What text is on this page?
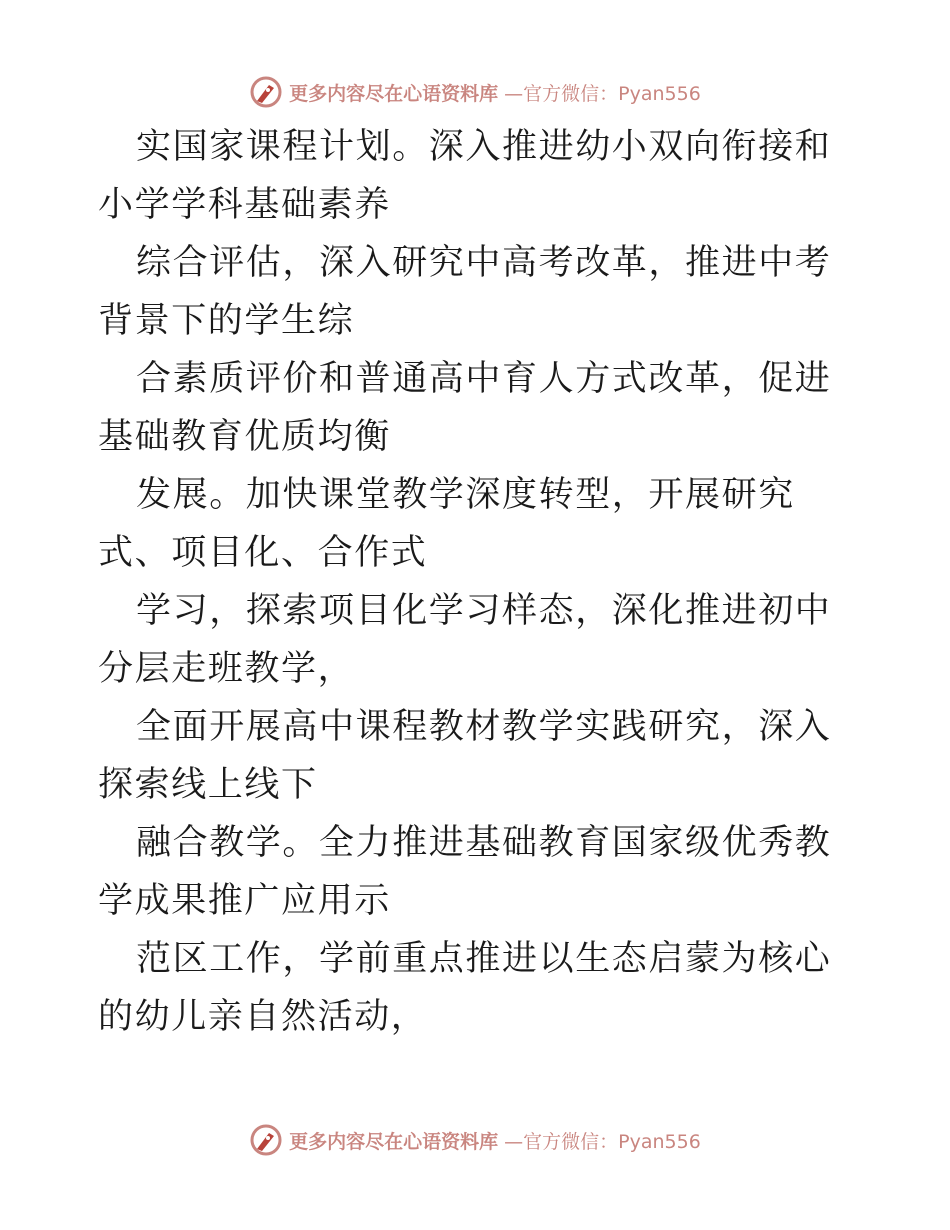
更多内容尽在心语资料库 —官方微信：Pyan556

实国家课程计划。深入推进幼小双向衔接和小学学科基础素养

综合评估，深入研究中高考改革，推进中考背景下的学生综

合素质评价和普通高中育人方式改革，促进基础教育优质均衡

发展。加快课堂教学深度转型，开展研究式、项目化、合作式

学习，探索项目化学习样态，深化推进初中分层走班教学，

全面开展高中课程教材教学实践研究，深入探索线上线下

融合教学。全力推进基础教育国家级优秀教学成果推广应用示

范区工作，学前重点推进以生态启蒙为核心的幼儿亲自然活动，

更多内容尽在心语资料库 —官方微信：Pyan556
